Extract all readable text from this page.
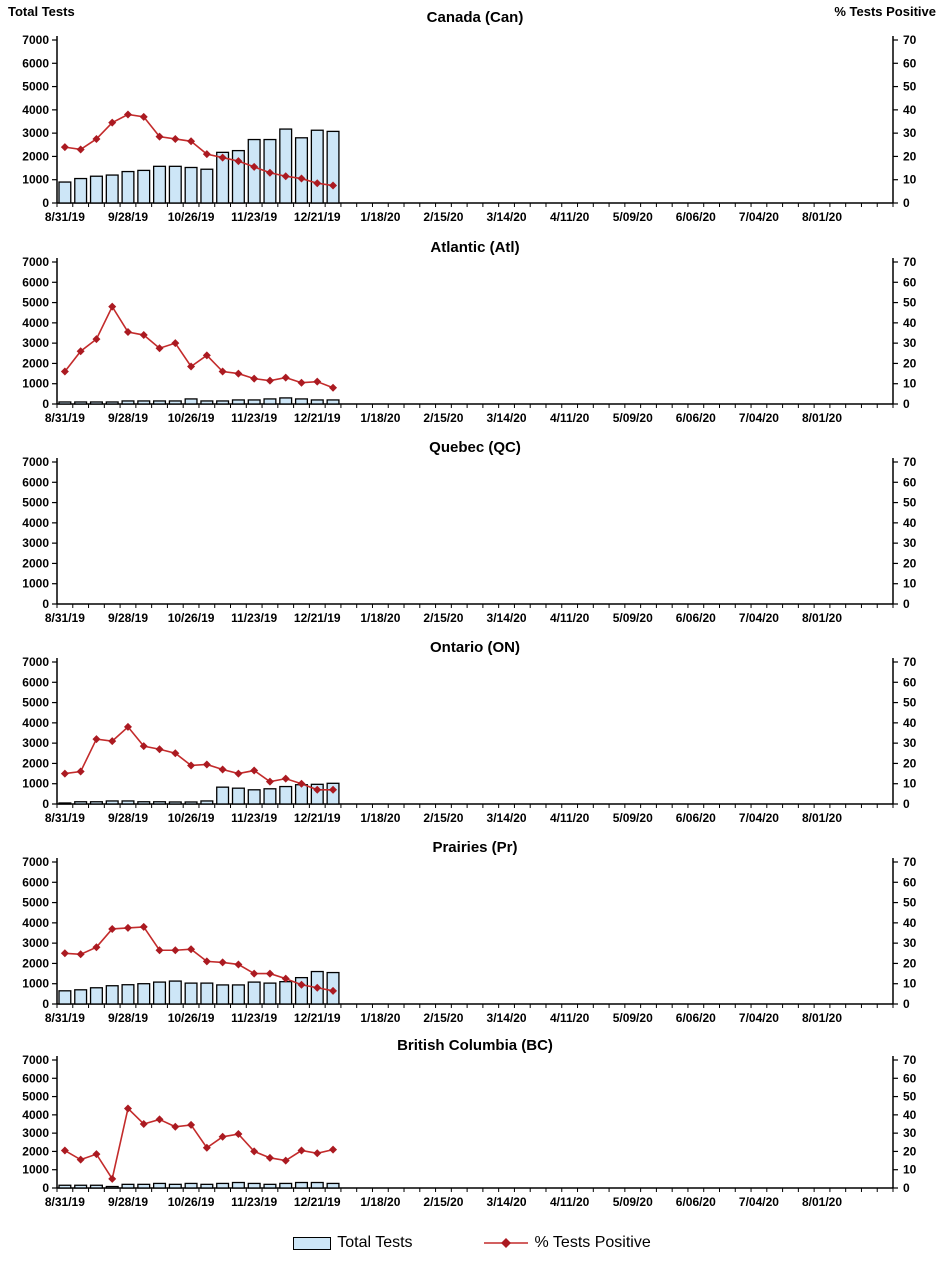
Canada (Can)
Total Tests	% Tests Positive
0
1000
2000
3000
4000
5000
6000
7000
0
10
20
30
40
50
60
70
8/31/19 9/28/19 10/26/19 11/23/19 12/21/19 1/18/20 2/15/20 3/14/20 4/11/20 5/09/20 6/06/20 7/04/20 8/01/20
Atlantic (Atl)
0
1000
2000
3000
4000
5000
6000
7000
0
10
20
30
40
50
60
70
8/31/19 9/28/19 10/26/19 11/23/19 12/21/19 1/18/20 2/15/20 3/14/20 4/11/20 5/09/20 6/06/20 7/04/20 8/01/20
Quebec (QC)
0
1000
2000
3000
4000
5000
6000
7000
0
10
20
30
40
50
60
70
8/31/19 9/28/19 10/26/19 11/23/19 12/21/19 1/18/20 2/15/20 3/14/20 4/11/20 5/09/20 6/06/20 7/04/20 8/01/20
Ontario (ON)
0
1000
2000
3000
4000
5000
6000
7000
0
10
20
30
40
50
60
70
8/31/19 9/28/19 10/26/19 11/23/19 12/21/19 1/18/20 2/15/20 3/14/20 4/11/20 5/09/20 6/06/20 7/04/20 8/01/20
Prairies (Pr)
0
1000
2000
3000
4000
5000
6000
7000
0
10
20
30
40
50
60
70
8/31/19 9/28/19 10/26/19 11/23/19 12/21/19 1/18/20 2/15/20 3/14/20 4/11/20 5/09/20 6/06/20 7/04/20 8/01/20
British Columbia (BC)
0
1000
2000
3000
4000
5000
6000
7000
0
10
20
30
40
50
60
70
8/31/19 9/28/19 10/26/19 11/23/19 12/21/19 1/18/20 2/15/20 3/14/20 4/11/20 5/09/20 6/06/20 7/04/20 8/01/20
Total Tests	% Tests Positive
